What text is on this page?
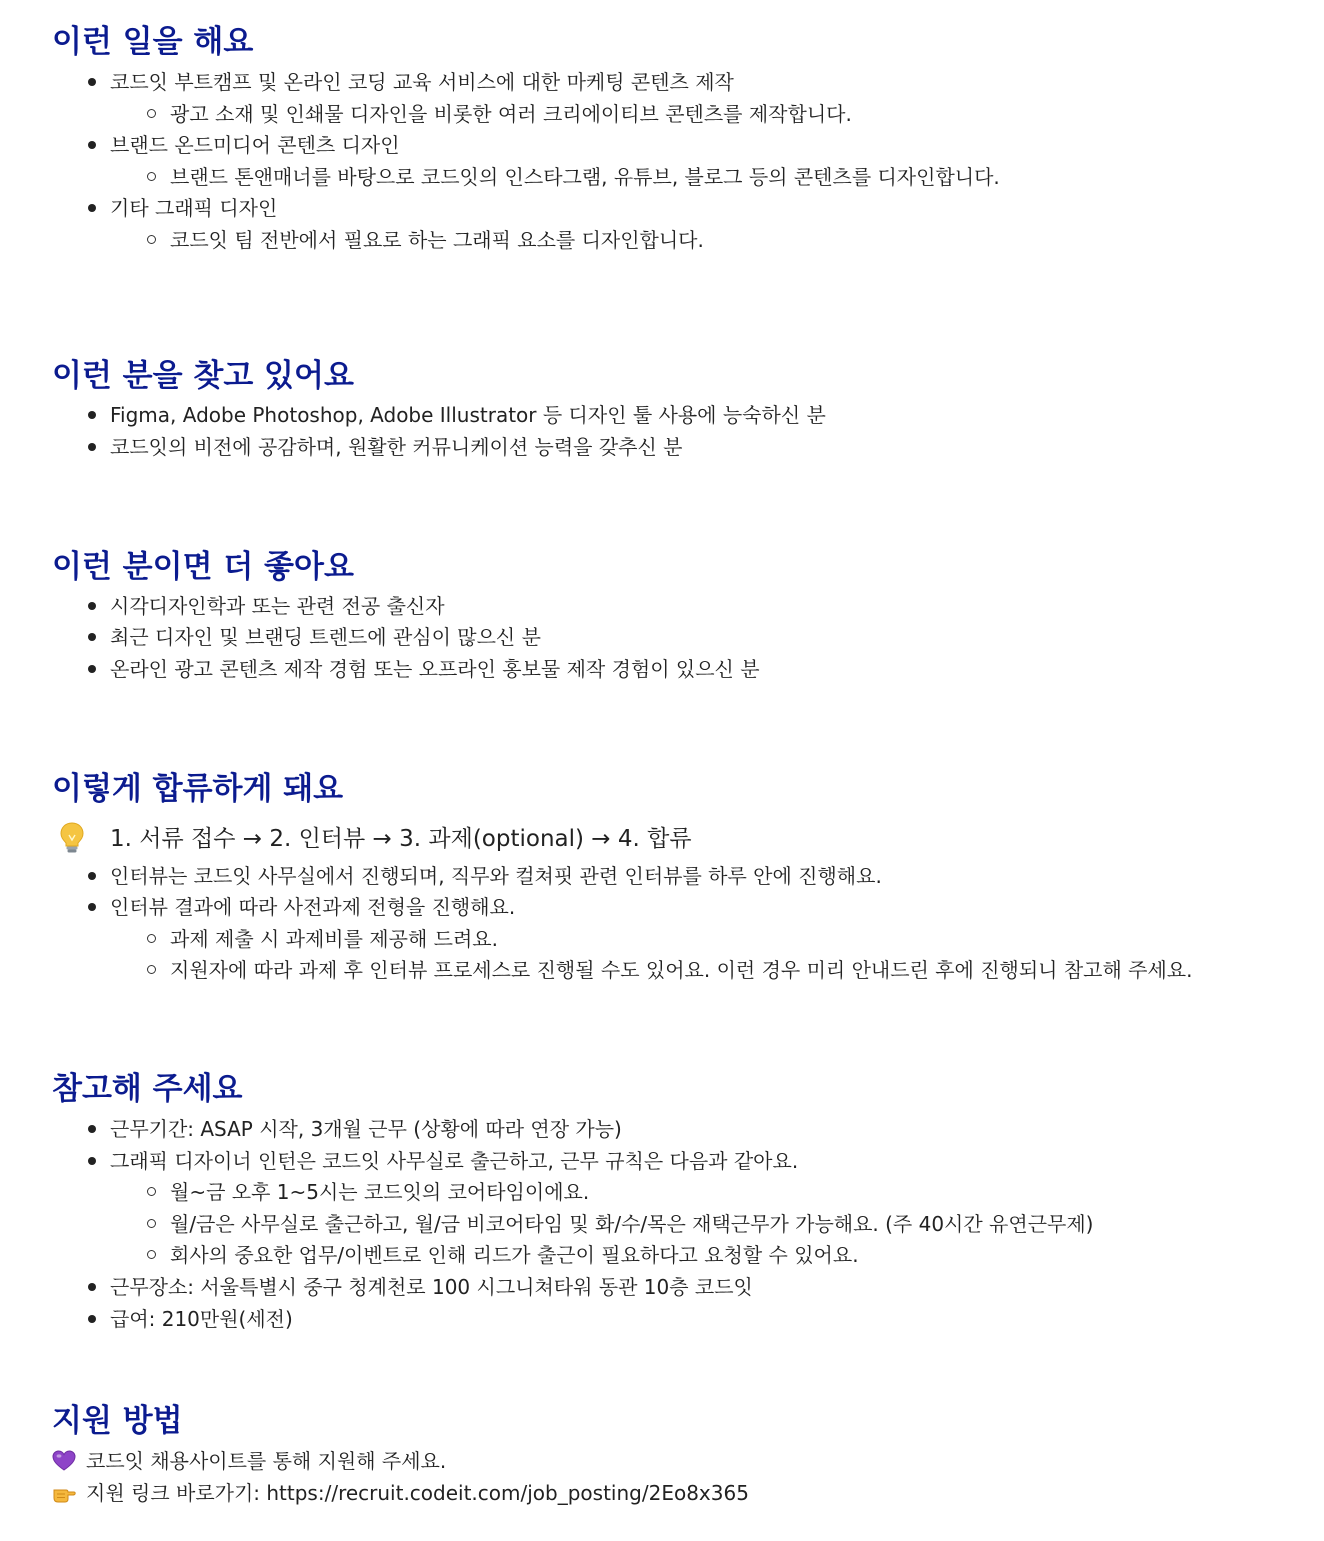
이런 일을 해요
코드잇 부트캠프 및 온라인 코딩 교육 서비스에 대한 마케팅 콘텐츠 제작
광고 소재 및 인쇄물 디자인을 비롯한 여러 크리에이티브 콘텐츠를 제작합니다.
브랜드 온드미디어 콘텐츠 디자인
브랜드 톤앤매너를 바탕으로 코드잇의 인스타그램, 유튜브, 블로그 등의 콘텐츠를 디자인합니다.
기타 그래픽 디자인
코드잇 팀 전반에서 필요로 하는 그래픽 요소를 디자인합니다.
이런 분을 찾고 있어요
Figma, Adobe Photoshop, Adobe Illustrator 등 디자인 툴 사용에 능숙하신 분
코드잇의 비전에 공감하며, 원활한 커뮤니케이션 능력을 갖추신 분
이런 분이면 더 좋아요
시각디자인학과 또는 관련 전공 출신자
최근 디자인 및 브랜딩 트렌드에 관심이 많으신 분
온라인 광고 콘텐츠 제작 경험 또는 오프라인 홍보물 제작 경험이 있으신 분
이렇게 합류하게 돼요
1. 서류 접수 → 2. 인터뷰 → 3. 과제(optional) → 4. 합류
인터뷰는 코드잇 사무실에서 진행되며, 직무와 컬쳐핏 관련 인터뷰를 하루 안에 진행해요.
인터뷰 결과에 따라 사전과제 전형을 진행해요.
과제 제출 시 과제비를 제공해 드려요.
지원자에 따라 과제 후 인터뷰 프로세스로 진행될 수도 있어요. 이런 경우 미리 안내드린 후에 진행되니 참고해 주세요.
참고해 주세요
근무기간: ASAP 시작, 3개월 근무 (상황에 따라 연장 가능)
그래픽 디자이너 인턴은 코드잇 사무실로 출근하고, 근무 규칙은 다음과 같아요.
월~금 오후 1~5시는 코드잇의 코어타임이에요.
월/금은 사무실로 출근하고, 월/금 비코어타임 및 화/수/목은 재택근무가 가능해요. (주 40시간 유연근무제)
회사의 중요한 업무/이벤트로 인해 리드가 출근이 필요하다고 요청할 수 있어요.
근무장소: 서울특별시 중구 청계천로 100 시그니쳐타워 동관 10층 코드잇
급여: 210만원(세전)
지원 방법
코드잇 채용사이트를 통해 지원해 주세요.
지원 링크 바로가기: https://recruit.codeit.com/job_posting/2Eo8x365
